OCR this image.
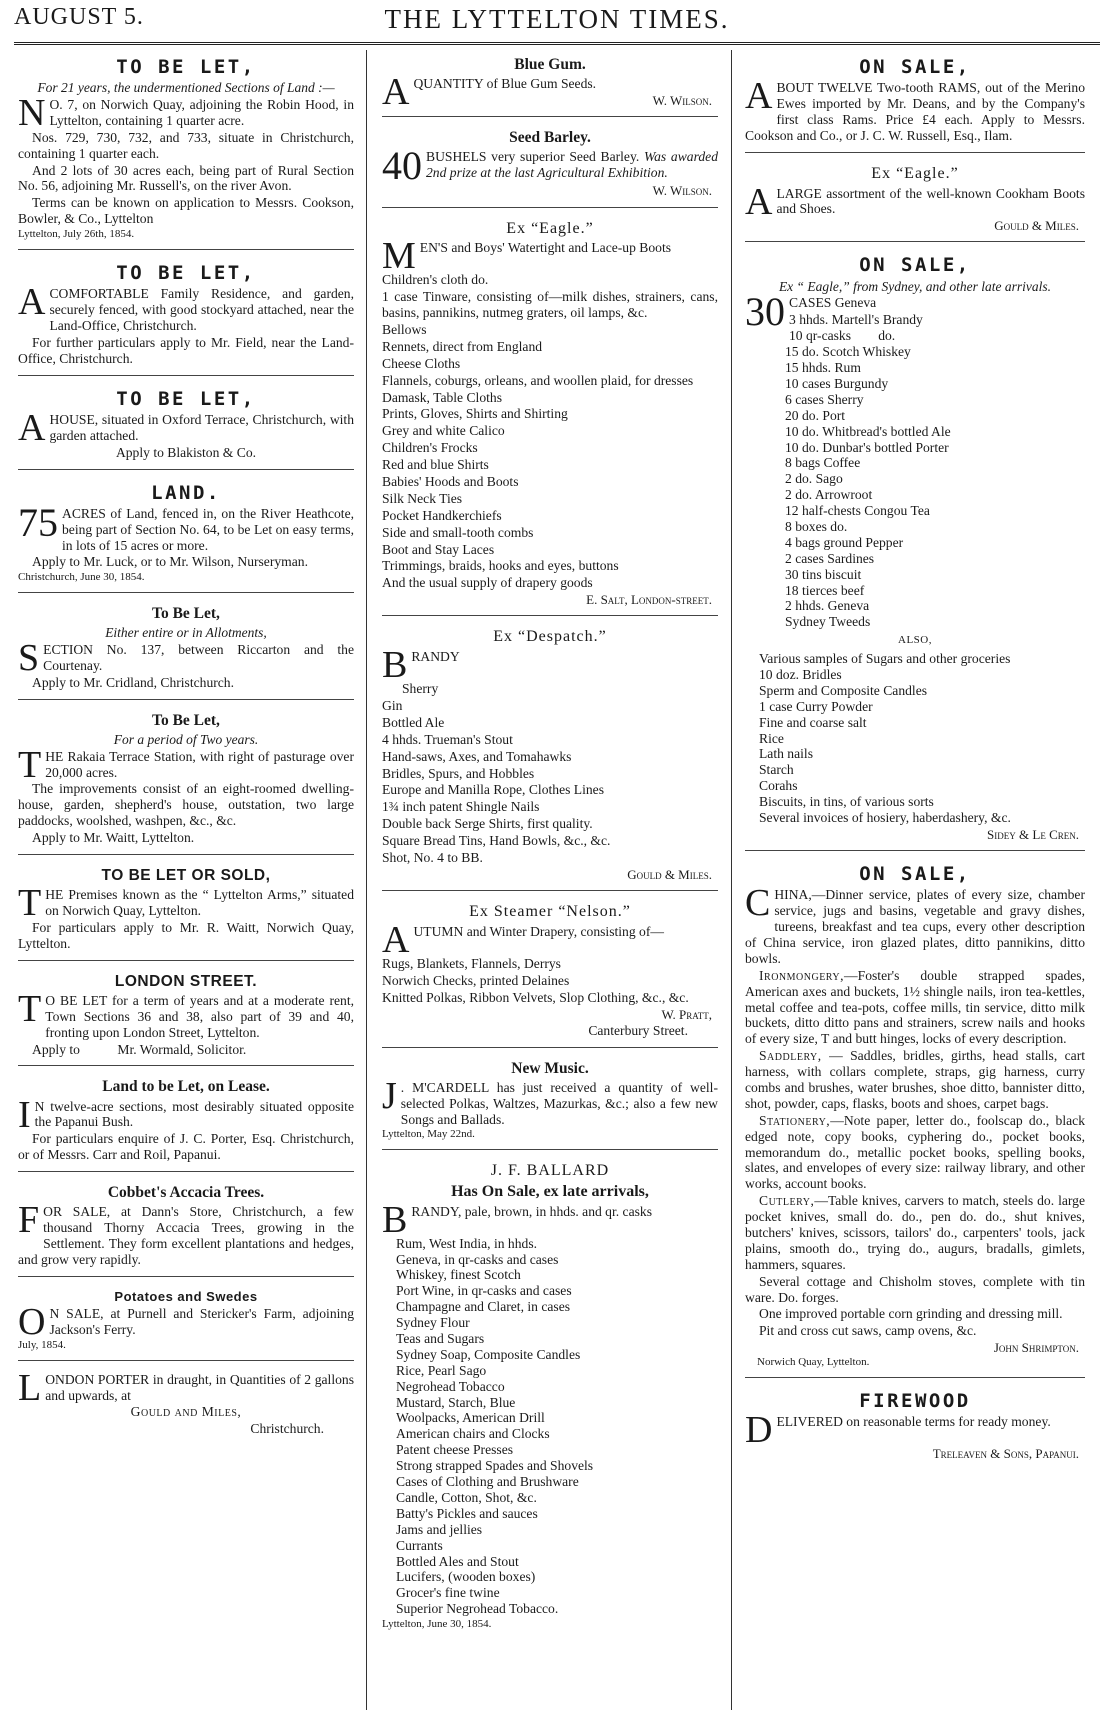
AUGUST 5.	THE LYTTELTON TIMES.
TO BE LET,
For 21 years, the undermentioned Sections of Land :—

N O. 7, on Norwich Quay, adjoining the Robin Hood, in Lyttelton, containing 1 quarter acre.

Nos. 729, 730, 732, and 733, situate in Christchurch, containing 1 quarter each.

And 2 lots of 30 acres each, being part of Rural Section No. 56, adjoining Mr. Russell's, on the river Avon.

Terms can be known on application to Messrs. Cookson, Bowler, & Co., Lyttelton

Lyttelton, July 26th, 1854.

TO BE LET,

A COMFORTABLE Family Residence, and garden, securely fenced, with good stockyard attached, near the Land-Office, Christchurch.

For further particulars apply to Mr. Field, near the Land-Office, Christchurch.

TO BE LET,

A HOUSE, situated in Oxford Terrace, Christchurch, with garden attached.

Apply to Blakiston & Co.

LAND.

75 ACRES of Land, fenced in, on the River Heathcote, being part of Section No. 64, to be Let on easy terms, in lots of 15 acres or more.

Apply to Mr. Luck, or to Mr. Wilson, Nurseryman.

Christchurch, June 30, 1854.

To Be Let,
Either entire or in Allotments,

SECTION No. 137, between Riccarton and the Courtenay.

Apply to Mr. Cridland, Christchurch.

To Be Let,
For a period of Two years.

THE Rakaia Terrace Station, with right of pasturage over 20,000 acres.

The improvements consist of an eight-roomed dwelling-house, garden, shepherd's house, outstation, two large paddocks, woolshed, washpen, &c., &c.

Apply to Mr. Waitt, Lyttelton.

TO BE LET OR SOLD,

THE Premises known as the “ Lyttelton Arms,” situated on Norwich Quay, Lyttelton.

For particulars apply to Mr. R. Waitt, Norwich Quay, Lyttelton.

LONDON STREET.

T O BE LET for a term of years and at a moderate rent, Town Sections 36 and 38, also part of 39 and 40, fronting upon London Street, Lyttelton.

Apply to	Mr. Wormald, Solicitor.

Land to be Let, on Lease.

I N twelve-acre sections, most desirably situated opposite the Papanui Bush.

For particulars enquire of J. C. Porter, Esq. Christchurch, or of Messrs. Carr and Roil, Papanui.

Cobbet's Accacia Trees.

FOR SALE, at Dann's Store, Christchurch, a few thousand Thorny Accacia Trees, growing in the Settlement. They form excellent plantations and hedges, and grow very rapidly.

Potatoes and Swedes

O N SALE, at Purnell and Stericker's Farm, adjoining Jackson's Ferry.

July, 1854.

LONDON PORTER in draught, in Quantities of 2 gallons and upwards, at

Gould and Miles,

Christchurch.

Blue Gum.

A QUANTITY of Blue Gum Seeds.

W. Wilson.

Seed Barley.

40 BUSHELS very superior Seed Barley. Was awarded 2nd prize at the last Agricultural Exhibition.

W. Wilson.

Ex “Eagle.”

MEN'S and Boys' Watertight and Lace-up Boots

Children's cloth do.

1 case Tinware, consisting of—milk dishes, strainers, cans, basins, pannikins, nutmeg graters, oil lamps, &c.

Bellows

Rennets, direct from England

Cheese Cloths

Flannels, coburgs, orleans, and woollen plaid, for dresses

Damask, Table Cloths

Prints, Gloves, Shirts and Shirting

Grey and white Calico

Children's Frocks

Red and blue Shirts

Babies' Hoods and Boots

Silk Neck Ties

Pocket Handkerchiefs

Side and small-tooth combs

Boot and Stay Laces

Trimmings, braids, hooks and eyes, buttons

And the usual supply of drapery goods

E. Salt, London-street.

Ex “Despatch.”

BRANDY

Sherry

Gin

Bottled Ale

4 hhds. Trueman's Stout

Hand-saws, Axes, and Tomahawks

Bridles, Spurs, and Hobbles

Europe and Manilla Rope, Clothes Lines

1¾ inch patent Shingle Nails

Double back Serge Shirts, first quality.

Square Bread Tins, Hand Bowls, &c., &c.

Shot, No. 4 to BB.

Gould & Miles.

Ex Steamer “Nelson.”

AUTUMN and Winter Drapery, consisting of—

Rugs, Blankets, Flannels, Derrys

Norwich Checks, printed Delaines

Knitted Polkas, Ribbon Velvets, Slop Clothing, &c., &c.

W. Pratt,

Canterbury Street.

New Music.

J . M'CARDELL has just received a quantity of well-selected Polkas, Waltzes, Mazurkas, &c.; also a few new Songs and Ballads.

Lyttelton, May 22nd.

J. F. BALLARD
Has On Sale, ex late arrivals,

BRANDY, pale, brown, in hhds. and qr. casks

Rum, West India, in hhds.

Geneva, in qr-casks and cases

Whiskey, finest Scotch

Port Wine, in qr-casks and cases

Champagne and Claret, in cases

Sydney Flour

Teas and Sugars

Sydney Soap, Composite Candles

Rice, Pearl Sago

Negrohead Tobacco

Mustard, Starch, Blue

Woolpacks, American Drill

American chairs and Clocks

Patent cheese Presses

Strong strapped Spades and Shovels

Cases of Clothing and Brushware

Candle, Cotton, Shot, &c.

Batty's Pickles and sauces

Jams and jellies

Currants

Bottled Ales and Stout

Lucifers, (wooden boxes)

Grocer's fine twine

Superior Negrohead Tobacco.

Lyttelton, June 30, 1854.

ON SALE,

ABOUT TWELVE Two-tooth RAMS, out of the Merino Ewes imported by Mr. Deans, and by the Company's first class Rams. Price £4 each. Apply to Messrs. Cookson and Co., or J. C. W. Russell, Esq., Ilam.

Ex “Eagle.”

A LARGE assortment of the well-known Cookham Boots and Shoes.

Gould & Miles.

ON SALE,
Ex “ Eagle,” from Sydney, and other late arrivals.

30 CASES Geneva

3 hhds. Martell's Brandy

10 qr-casks        do.

15 do. Scotch Whiskey

15 hhds. Rum

10 cases Burgundy

6 cases Sherry

20 do. Port

10 do. Whitbread's bottled Ale

10 do. Dunbar's bottled Porter

8 bags Coffee

2 do. Sago

2 do. Arrowroot

12 half-chests Congou Tea

8 boxes do.

4 bags ground Pepper

2 cases Sardines

30 tins biscuit

18 tierces beef

2 hhds. Geneva

Sydney Tweeds

ALSO,

Various samples of Sugars and other groceries

10 doz. Bridles

Sperm and Composite Candles

1 case Curry Powder

Fine and coarse salt

Rice

Lath nails

Starch

Corahs

Biscuits, in tins, of various sorts

Several invoices of hosiery, haberdashery, &c.

Sidey & Le Cren.

ON SALE,

CHINA,—Dinner service, plates of every size, chamber service, jugs and basins, vegetable and gravy dishes, tureens, breakfast and tea cups, every other description of China service, iron glazed plates, ditto pannikins, ditto bowls.

Ironmongery,—Foster's double strapped spades, American axes and buckets, 1½ shingle nails, iron tea-kettles, metal coffee and tea-pots, coffee mills, tin service, ditto milk buckets, ditto ditto pans and strainers, screw nails and hooks of every size, T and butt hinges, locks of every description.

Saddlery, — Saddles, bridles, girths, head stalls, cart harness, with collars complete, straps, gig harness, curry combs and brushes, water brushes, shoe ditto, bannister ditto, shot, powder, caps, flasks, boots and shoes, carpet bags.

Stationery,—Note paper, letter do., foolscap do., black edged note, copy books, cyphering do., pocket books, memorandum do., metallic pocket books, spelling books, slates, and envelopes of every size: railway library, and other works, account books.

Cutlery,—Table knives, carvers to match, steels do. large pocket knives, small do. do., pen do. do., shut knives, butchers' knives, scissors, tailors' do., carpenters' tools, jack plains, smooth do., trying do., augurs, bradalls, gimlets, hammers, squares.

Several cottage and Chisholm stoves, complete with tin ware. Do. forges.

One improved portable corn grinding and dressing mill.

Pit and cross cut saws, camp ovens, &c.

John Shrimpton.

Norwich Quay, Lyttelton.

FIREWOOD

DELIVERED on reasonable terms for ready money.

Treleaven & Sons, Papanui.
